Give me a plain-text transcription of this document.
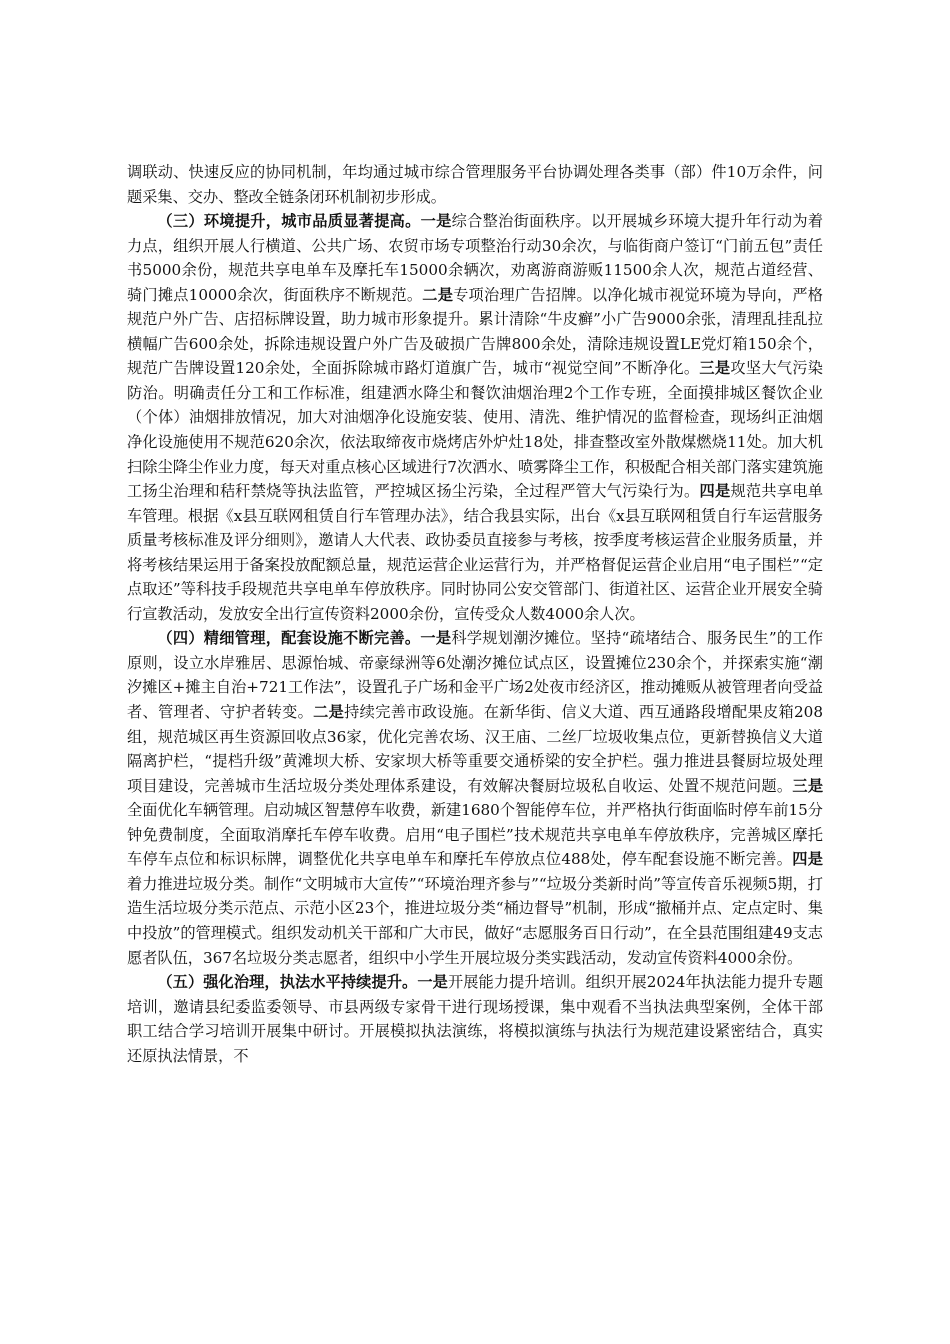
调联动、快速反应的协同机制，年均通过城市综合管理服务平台协调处理各类事（部）件10万余件，问题采集、交办、整改全链条闭环机制初步形成。

（三）环境提升，城市品质显著提高。一是综合整治街面秩序。以开展城乡环境大提升年行动为着力点，组织开展人行横道、公共广场、农贸市场专项整治行动30余次，与临街商户签订“门前五包”责任书5000余份，规范共享电单车及摩托车15000余辆次，劝离游商游贩11500余人次，规范占道经营、骑门摊点10000余次，街面秩序不断规范。二是专项治理广告招牌。以净化城市视觉环境为导向，严格规范户外广告、店招标牌设置，助力城市形象提升。累计清除“牛皮癣”小广告9000余张，清理乱挂乱拉横幅广告600余处，拆除违规设置户外广告及破损广告牌800余处，清除违规设置LE党灯箱150余个，规范广告牌设置120余处，全面拆除城市路灯道旗广告，城市“视觉空间”不断净化。三是攻坚大气污染防治。明确责任分工和工作标准，组建洒水降尘和餐饮油烟治理2个工作专班，全面摸排城区餐饮企业（个体）油烟排放情况，加大对油烟净化设施安装、使用、清洗、维护情况的监督检查，现场纠正油烟净化设施使用不规范620余次，依法取缔夜市烧烤店外炉灶18处，排查整改室外散煤燃烧11处。加大机扫除尘降尘作业力度，每天对重点核心区域进行7次洒水、喷雾降尘工作，积极配合相关部门落实建筑施工扬尘治理和秸秆禁烧等执法监管，严控城区扬尘污染，全过程严管大气污染行为。四是规范共享电单车管理。根据《x县互联网租赁自行车管理办法》，结合我县实际，出台《x县互联网租赁自行车运营服务质量考核标准及评分细则》，邀请人大代表、政协委员直接参与考核，按季度考核运营企业服务质量，并将考核结果运用于备案投放配额总量，规范运营企业运营行为，并严格督促运营企业启用“电子围栏”“定点取还”等科技手段规范共享电单车停放秩序。同时协同公安交管部门、街道社区、运营企业开展安全骑行宣教活动，发放安全出行宣传资料2000余份，宣传受众人数4000余人次。

（四）精细管理，配套设施不断完善。一是科学规划潮汐摊位。坚持“疏堵结合、服务民生”的工作原则，设立水岸雅居、思源怡城、帝豪绿洲等6处潮汐摊位试点区，设置摊位230余个，并探索实施“潮汐摊区+摊主自治+721工作法”，设置孔子广场和金平广场2处夜市经济区，推动摊贩从被管理者向受益者、管理者、守护者转变。二是持续完善市政设施。在新华街、信义大道、西互通路段增配果皮箱208组，规范城区再生资源回收点36家，优化完善农场、汉王庙、二丝厂垃圾收集点位，更新替换信义大道隔离护栏，“提档升级”黄滩坝大桥、安家坝大桥等重要交通桥梁的安全护栏。强力推进县餐厨垃圾处理项目建设，完善城市生活垃圾分类处理体系建设，有效解决餐厨垃圾私自收运、处置不规范问题。三是全面优化车辆管理。启动城区智慧停车收费，新建1680个智能停车位，并严格执行街面临时停车前15分钟免费制度，全面取消摩托车停车收费。启用“电子围栏”技术规范共享电单车停放秩序，完善城区摩托车停车点位和标识标牌，调整优化共享电单车和摩托车停放点位488处，停车配套设施不断完善。四是着力推进垃圾分类。制作“文明城市大宣传”“环境治理齐参与”“垃圾分类新时尚”等宣传音乐视频5期，打造生活垃圾分类示范点、示范小区23个，推进垃圾分类“桶边督导”机制，形成“撤桶并点、定点定时、集中投放”的管理模式。组织发动机关干部和广大市民，做好“志愿服务百日行动”，在全县范围组建49支志愿者队伍，367名垃圾分类志愿者，组织中小学生开展垃圾分类实践活动，发动宣传资料4000余份。

（五）强化治理，执法水平持续提升。一是开展能力提升培训。组织开展2024年执法能力提升专题培训，邀请县纪委监委领导、市县两级专家骨干进行现场授课，集中观看不当执法典型案例，全体干部职工结合学习培训开展集中研讨。开展模拟执法演练，将模拟演练与执法行为规范建设紧密结合，真实还原执法情景，不
